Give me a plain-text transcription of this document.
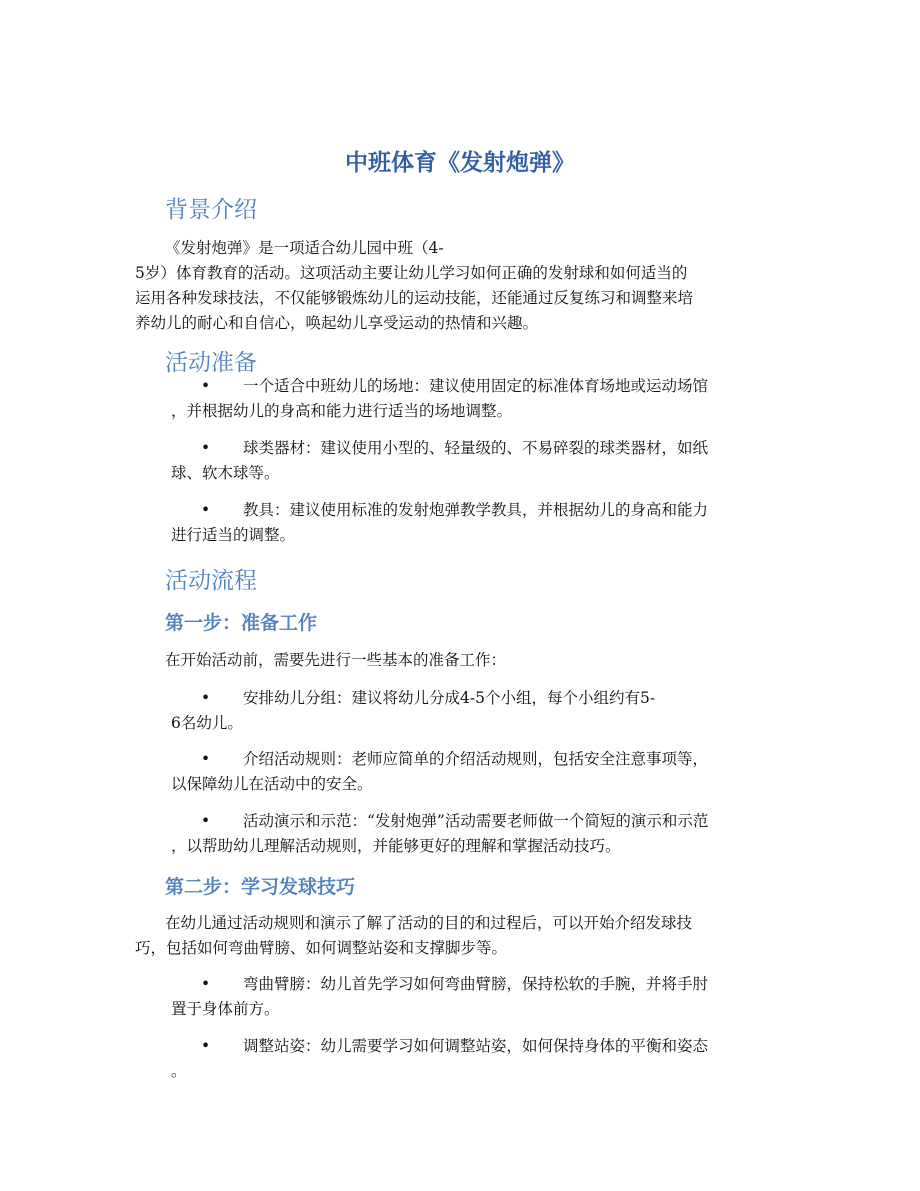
中班体育《发射炮弹》
背景介绍
《发射炮弹》是一项适合幼儿园中班（4-
5岁）体育教育的活动。这项活动主要让幼儿学习如何正确的发射球和如何适当的
运用各种发球技法，不仅能够锻炼幼儿的运动技能，还能通过反复练习和调整来培
养幼儿的耐心和自信心，唤起幼儿享受运动的热情和兴趣。
活动准备
•	一个适合中班幼儿的场地：建议使用固定的标准体育场地或运动场馆
，并根据幼儿的身高和能力进行适当的场地调整。
•	球类器材：建议使用小型的、轻量级的、不易碎裂的球类器材，如纸
球、软木球等。
•	教具：建议使用标准的发射炮弹教学教具，并根据幼儿的身高和能力
进行适当的调整。
活动流程
第一步：准备工作
在开始活动前，需要先进行一些基本的准备工作：
•	安排幼儿分组：建议将幼儿分成4-5个小组，每个小组约有5-
6名幼儿。
•	介绍活动规则：老师应简单的介绍活动规则，包括安全注意事项等，
以保障幼儿在活动中的安全。
•	活动演示和示范：“发射炮弹”活动需要老师做一个简短的演示和示范
，以帮助幼儿理解活动规则，并能够更好的理解和掌握活动技巧。
第二步：学习发球技巧
在幼儿通过活动规则和演示了解了活动的目的和过程后，可以开始介绍发球技
巧，包括如何弯曲臂膀、如何调整站姿和支撑脚步等。
•	弯曲臂膀：幼儿首先学习如何弯曲臂膀，保持松软的手腕，并将手肘
置于身体前方。
•	调整站姿：幼儿需要学习如何调整站姿，如何保持身体的平衡和姿态
。
